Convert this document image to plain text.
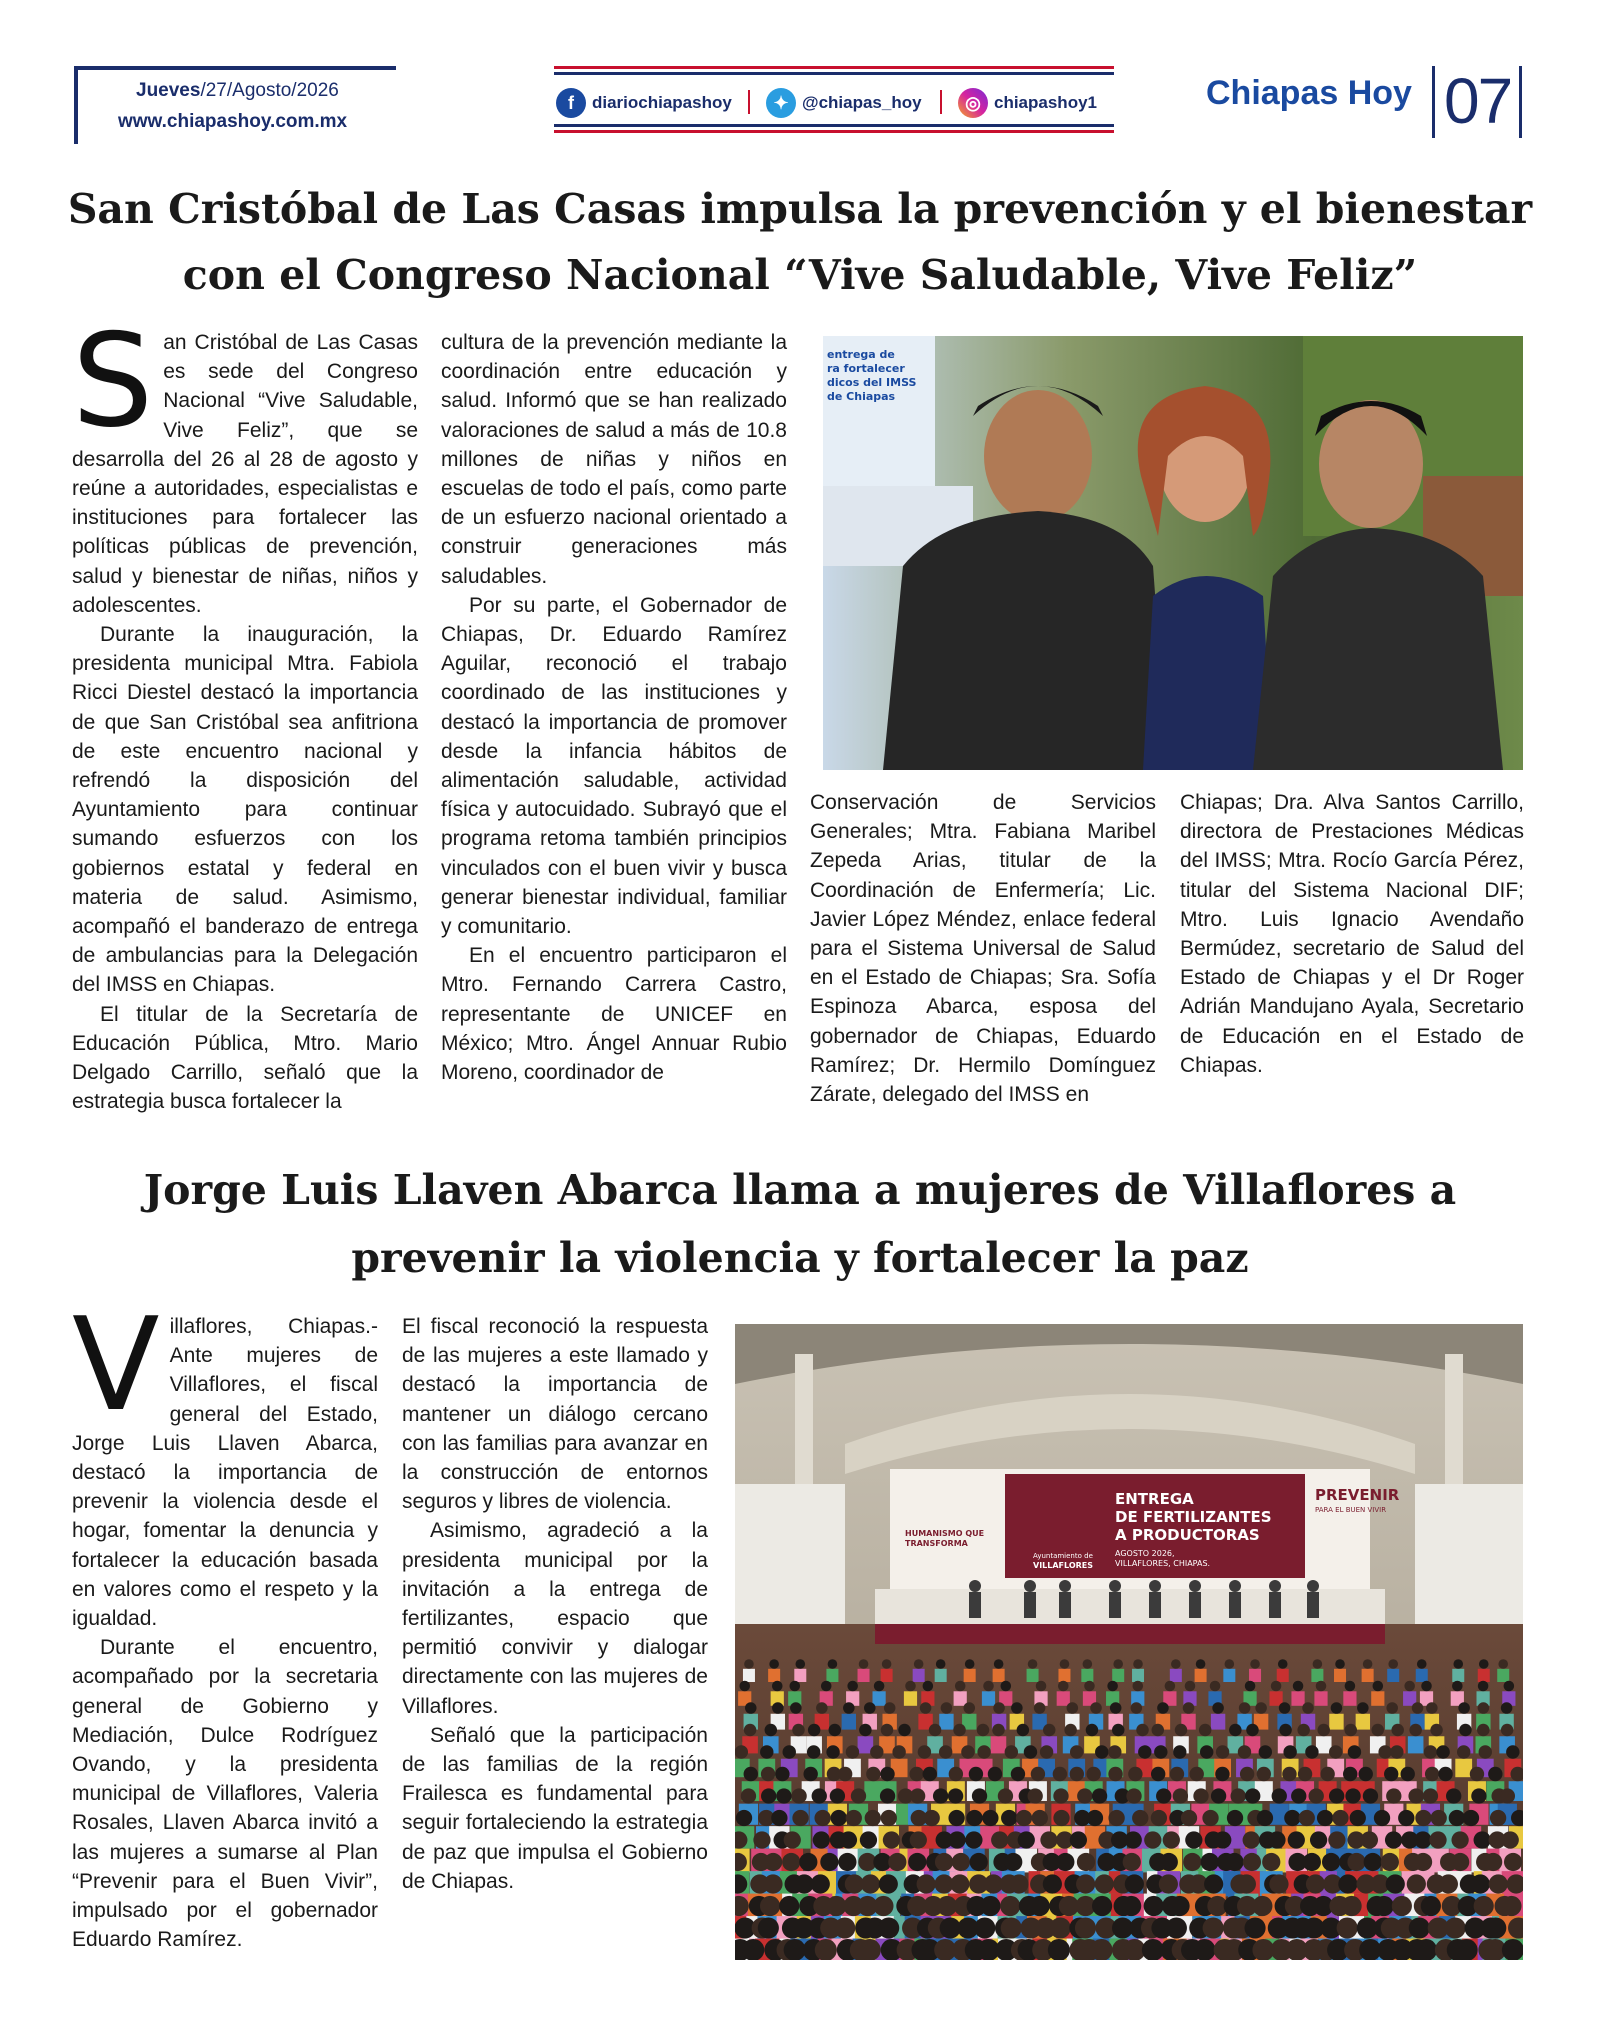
Jueves/27/Agosto/2026
www.chiapashoy.com.mx
f	diariochiapashoy	✦ @chiapas_hoy	◎ chiapashoy1	Chiapas Hoy 07
San Cristóbal de Las Casas impulsa la prevención y el bienestar
con el Congreso Nacional “Vive Saludable, Vive Feliz”
S an Cristóbal de Las Casas es sede del Congreso Nacional “Vive Saludable, Vive Feliz”, que se desarrolla del 26 al 28 de agosto y reúne a autoridades, especialistas e instituciones para fortalecer las políticas públicas de prevención, salud y bienestar de niñas, niños y adolescentes.

Durante la inauguración, la presidenta municipal Mtra. Fabiola Ricci Diestel destacó la importancia de que San Cristóbal sea anfitriona de este encuentro nacional y refrendó la disposición del Ayuntamiento para continuar sumando esfuerzos con los gobiernos estatal y federal en materia de salud. Asimismo, acompañó el banderazo de entrega de ambulancias para la Delegación del IMSS en Chiapas.

El titular de la Secretaría de Educación Pública, Mtro. Mario Delgado Carrillo, señaló que la estrategia busca fortalecer la

cultura de la prevención mediante la coordinación entre educación y salud. Informó que se han realizado valoraciones de salud a más de 10.8 millones de niñas y niños en escuelas de todo el país, como parte de un esfuerzo nacional orientado a construir generaciones más saludables.

Por su parte, el Gobernador de Chiapas, Dr. Eduardo Ramírez Aguilar, reconoció el trabajo coordinado de las instituciones y destacó la importancia de promover desde la infancia hábitos de alimentación saludable, actividad física y autocuidado. Subrayó que el programa retoma también principios vinculados con el buen vivir y busca generar bienestar individual, familiar y comunitario.

En el encuentro participaron el Mtro. Fernando Carrera Castro, representante de UNICEF en México; Mtro. Ángel Annuar Rubio Moreno, coordinador de

entrega de
ra fortalecer
dicos del IMSS
de Chiapas

Conservación de Servicios Generales; Mtra. Fabiana Maribel Zepeda Arias, titular de la Coordinación de Enfermería; Lic. Javier López Méndez, enlace federal para el Sistema Universal de Salud en el Estado de Chiapas; Sra. Sofía Espinoza Abarca, esposa del gobernador de Chiapas, Eduardo Ramírez; Dr. Hermilo Domínguez Zárate, delegado del IMSS en

Chiapas; Dra. Alva Santos Carrillo, directora de Prestaciones Médicas del IMSS; Mtra. Rocío García Pérez, titular del Sistema Nacional DIF; Mtro. Luis Ignacio Avendaño Bermúdez, secretario de Salud del Estado de Chiapas y el Dr Roger Adrián Mandujano Ayala, Secretario de Educación en el Estado de Chiapas.

Jorge Luis Llaven Abarca llama a mujeres de Villaflores a
prevenir la violencia y fortalecer la paz
V illaflores, Chiapas.- Ante mujeres de Villaflores, el fiscal general del Estado, Jorge Luis Llaven Abarca, destacó la importancia de prevenir la violencia desde el hogar, fomentar la denuncia y fortalecer la educación basada en valores como el respeto y la igualdad.

Durante el encuentro, acompañado por la secretaria general de Gobierno y Mediación, Dulce Rodríguez Ovando, y la presidenta municipal de Villaflores, Valeria Rosales, Llaven Abarca invitó a las mujeres a sumarse al Plan “Prevenir para el Buen Vivir”, impulsado por el gobernador Eduardo Ramírez.

El fiscal reconoció la respuesta de las mujeres a este llamado y destacó la importancia de mantener un diálogo cercano con las familias para avanzar en la construcción de entornos seguros y libres de violencia.

Asimismo, agradeció a la presidenta municipal por la invitación a la entrega de fertilizantes, espacio que permitió convivir y dialogar directamente con las mujeres de Villaflores.

Señaló que la participación de las familias de la región Frailesca es fundamental para seguir fortaleciendo la estrategia de paz que impulsa el Gobierno de Chiapas.

ENTREGA
DE FERTILIZANTES
A PRODUCTORAS
AGOSTO 2026,
VILLAFLORES, CHIAPAS.
HUMANISMO QUE
TRANSFORMA
Ayuntamiento de
VILLAFLORES
PREVENIR
PARA EL BUEN VIVIR
